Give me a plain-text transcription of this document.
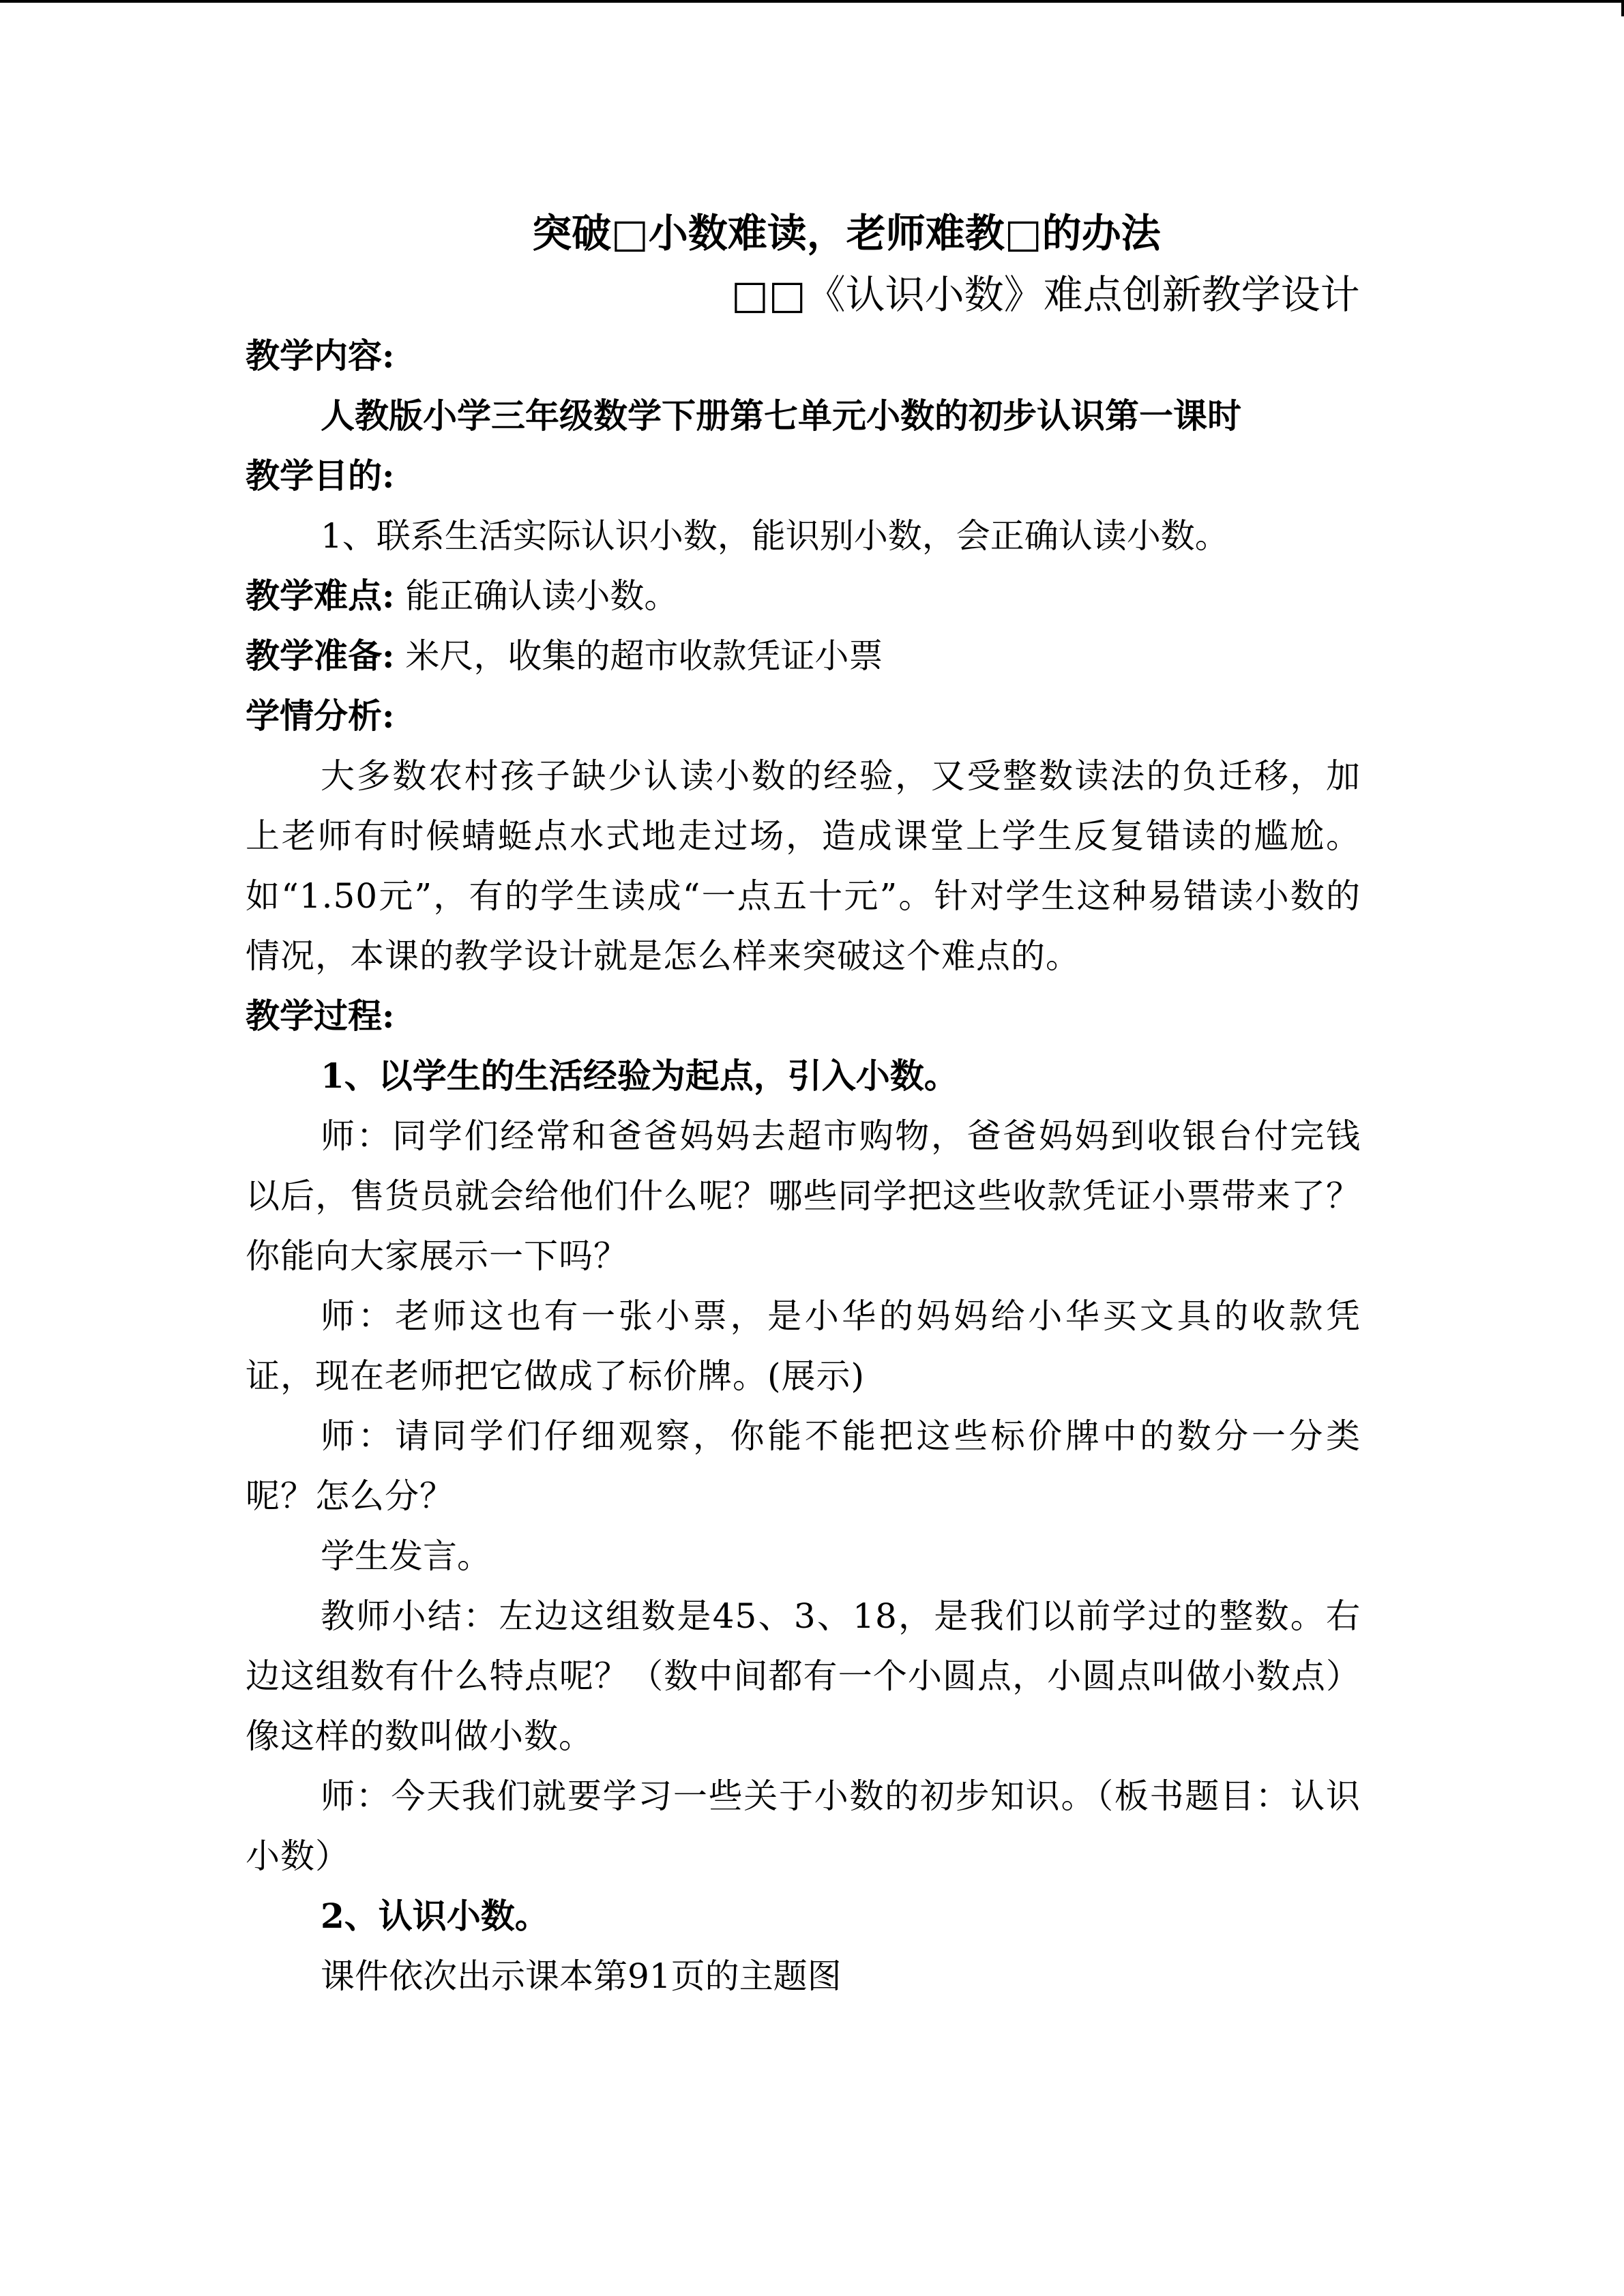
突破□小数难读，老师难教□的办法
□□《认识小数》难点创新教学设计

教学内容:

人教版小学三年级数学下册第七单元小数的初步认识第一课时

教学目的:

1、联系生活实际认识小数，能识别小数，会正确认读小数。

教学难点: 能正确认读小数。

教学准备: 米尺，收集的超市收款凭证小票

学情分析:

大多数农村孩子缺少认读小数的经验，又受整数读法的负迁移，加上老师有时候蜻蜓点水式地走过场，造成课堂上学生反复错读的尴尬。如“1.50元”，有的学生读成“一点五十元”。针对学生这种易错读小数的情况，本课的教学设计就是怎么样来突破这个难点的。

教学过程:

1、以学生的生活经验为起点，引入小数。

师：同学们经常和爸爸妈妈去超市购物，爸爸妈妈到收银台付完钱以后，售货员就会给他们什么呢？哪些同学把这些收款凭证小票带来了？你能向大家展示一下吗？

师：老师这也有一张小票，是小华的妈妈给小华买文具的收款凭证，现在老师把它做成了标价牌。(展示)

师：请同学们仔细观察，你能不能把这些标价牌中的数分一分类呢？怎么分？

学生发言。

教师小结：左边这组数是45、3、18，是我们以前学过的整数。右边这组数有什么特点呢？（数中间都有一个小圆点，小圆点叫做小数点）像这样的数叫做小数。

师：今天我们就要学习一些关于小数的初步知识。（板书题目：认识小数）

2、认识小数。

课件依次出示课本第91页的主题图
